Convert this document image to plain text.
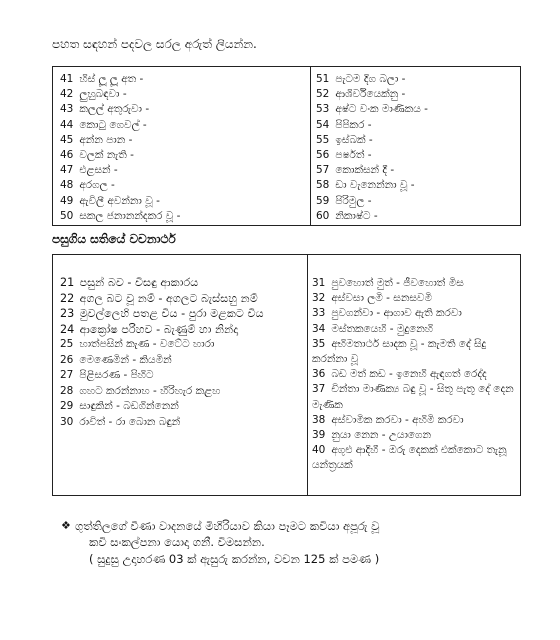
පහත සඳහන් පදවල සරල අරුත් ලියන්න.
41 හිස් ලූ ලූ අත -
42 ලුහුබඳවා -
43 කලල් අතුරුවා -
44 කොටු ගෙවල් -
45 අන්න පාන -
46 වලක් නැති -
47 එළසන් -
48 අරගල -
49 ඇවිලී අවන්නා වූ -
50 සකල ජනානන්දකර වූ -
51 පැටම දිග බලා -
52 ආශිර්වියෙක්නු -
53 අෂ්ට වංක මාණිකය -
54 පිපිකර -
55 ඉස්බක් -
56 පර්ෂත් -
57 කොක්සන් දී -
58 ඩා වැනෙන්නා වූ -
59 පිරිමුල -
60 නිකාෂ්ට -
පසුගිය සතියේ වචනාර්ථ
21 පසුන් බව - විසඳු ආකාරය
22 අගල බට වූ නම් - අගලට බැස්සහු නම්
23 මුවල්ලෙහි පතළ විය - පුරා මළකට විය
24 ආක්‍රෝෂ පරිහව - බැණුම් හා නින්දා
25 හාත්පසින් කැණ - වටේට හාරා
26 මෙණෙමින් - කියමින්
27 පිළිසරණ - පිහිට
28 ගහට කරන්නාහ - හිරිහැර කළහ
29 සාඳුකින් - බඩගින්නෙන්
30 රාවිත් - රා බොන බඳුන්
31 පුවහොත් මුත් - ජීවහොත් මිස
32 අස්වසා ලමි - සනසවමි
33 පුවගන්වා - ආගාව ඇති කරවා
34 මස්තකයෙහි - මුදුනෙහි
35 අභිමතාර්ථ සාදක වූ - කැමති දේ සිදු කරන්නා වූ
36 බඩ මත් කඩ - ඉනෙහි ඇඳගත් රෙද්ද
37 චින්තා මාණික්‍ය බඳු වූ - සිතූ පැතූ දේ දෙන මැණික
38 අස්වාමික කරවා - අහිමි කරවා
39 නුයා නෙන - උයාගෙන
40 අගුළු ආදිහී - ඔරු දෙකක් එක්කොට තැනූ යන්ත්‍රයක්
❖ ගුත්තිලගේ වීණා වාදනයේ මිහිරියාව කියා පෑමට කවියා අපූරු වූ
කවි සංකල්පනා යොදා ගනී. විමසන්න.
( සුදුසු උදාහරණ 03 ක් ඇසුරු කරන්න, වචන 125 ක් පමණ )
